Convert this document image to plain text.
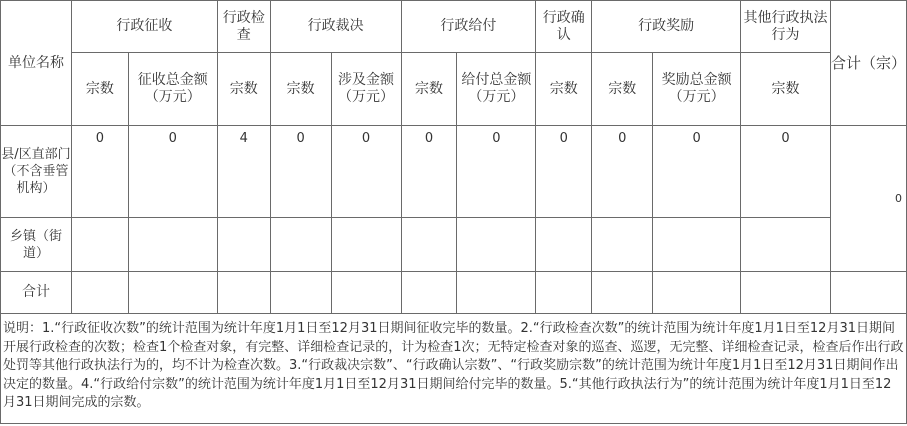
单位名称	行政征收		行政检查	行政裁决		行政给付		行政确认	行政奖励		其他行政执法行为	合计（宗）
	宗数	征收总金额（万元）	宗数	宗数	涉及金额（万元）	宗数	给付总金额（万元）	宗数	宗数	奖励总金额（万元）	宗数	
县/区直部门（不含垂管机构）	0	0	4	0	0	0	0	0	0	0	0	0
乡镇（街道）												
合计												
说明：1.“行政征收次数”的统计范围为统计年度1月1日至12月31日期间征收完毕的数量。2.“行政检查次数”的统计范围为统计年度1月1日至12月31日期间开展行政检查的次数；检查1个检查对象，有完整、详细检查记录的，计为检查1次；无特定检查对象的巡查、巡逻，无完整、详细检查记录，检查后作出行政处罚等其他行政执法行为的，均不计为检查次数。3.“行政裁决宗数”、“行政确认宗数”、“行政奖励宗数”的统计范围为统计年度1月1日至12月31日期间作出决定的数量。4.“行政给付宗数”的统计范围为统计年度1月1日至12月31日期间给付完毕的数量。5.“其他行政执法行为”的统计范围为统计年度1月1日至12月31日期间完成的宗数。												
